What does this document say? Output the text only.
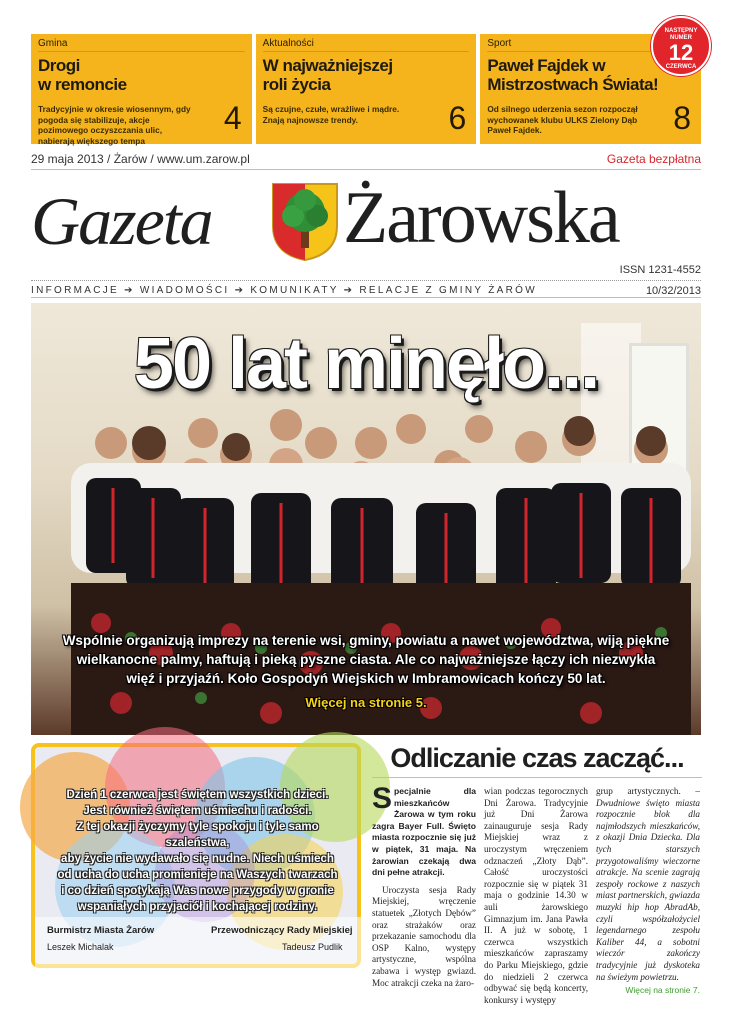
Gmina
Drogi
w remoncie
Tradycyjnie w okresie wiosennym, gdy pogoda się stabilizuje, akcje pozimowego oczyszczania ulic, nabierają większego tempa
4
Aktualności
W najważniejszej
roli życia
Są czujne, czułe, wrażliwe i mądre. Znają najnowsze trendy.	6
Sport
Paweł Fajdek w
Mistrzostwach Świata!
Od silnego uderzenia sezon rozpoczął wychowanek klubu ULKS Zielony Dąb Paweł Fajdek.	8
NASTĘPNY
NUMER
12
CZERWCA
29 maja 2013 / Żarów / www.um.zarow.pl	Gazeta bezpłatna
Gazeta Żarowska
ISSN 1231-4552
INFORMACJE ➔ WIADOMOŚCI ➔ KOMUNIKATY ➔ RELACJE Z GMINY ŻARÓW	10/32/2013
50 lat minęło...
Wspólnie organizują imprezy na terenie wsi, gminy, powiatu a nawet województwa, wiją piękne wielkanocne palmy, haftują i pieką pyszne ciasta. Ale co najważniejsze łączy ich niezwykła więź i przyjaźń. Koło Gospodyń Wiejskich w Imbramowicach kończy 50 lat.
Więcej na stronie 5.
Dzień 1 czerwca jest świętem wszystkich dzieci.
Jest również świętem uśmiechu i radości.
Z tej okazji życzymy tyle spokoju i tyle samo szaleństwa,
aby życie nie wydawało się nudne. Niech uśmiech
od ucha do ucha promienieje na Waszych twarzach
i co dzień spotykają Was nowe przygody w gronie
wspaniałych przyjaciół i kochającej rodziny.
Burmistrz Miasta Żarów
Leszek Michalak
Przewodniczący Rady Miejskiej
Tadeusz Pudlik
Odliczanie czas zacząć...
S pecjalnie dla mieszkańców Żarowa w tym roku zagra Bayer Full. Święto miasta rozpocznie się już w piątek, 31 maja. Na żarowian czekają dwa dni pełne atrakcji.
Uroczysta sesja Rady Miejskiej, wręczenie statuetek „Złotych Dębów” oraz strażaków oraz przekazanie samochodu dla OSP Kalno, występy artystyczne, wspólna zabawa i występ gwiazd. Moc atrakcji czeka na żaro-
wian podczas tegorocznych Dni Żarowa. Tradycyjnie już Dni Żarowa zainauguruje sesja Rady Miejskiej wraz z uroczystym wręczeniem odznaczeń „Złoty Dąb”. Całość uroczystości rozpocznie się w piątek 31 maja o godzinie 14.30 w auli żarowskiego Gimnazjum im. Jana Pawła II. A już w sobotę, 1 czerwca wszystkich mieszkańców zapraszamy do Parku Miejskiego, gdzie do niedzieli 2 czerwca odbywać się będą koncerty, konkursy i występy
grup artystycznych. – Dwudniowe święto miasta rozpocznie blok dla najmłodszych mieszkańców, z okazji Dnia Dziecka. Dla tych starszych przygotowaliśmy wieczorne atrakcje. Na scenie zagrają zespoły rockowe z naszych miast partnerskich, gwiazda muzyki hip hop AbradAb, czyli współzałożyciel legendarnego zespołu Kaliber 44, a sobotni wieczór zakończy tradycyjnie już dyskoteka na świeżym powietrzu.
Więcej na stronie 7.
